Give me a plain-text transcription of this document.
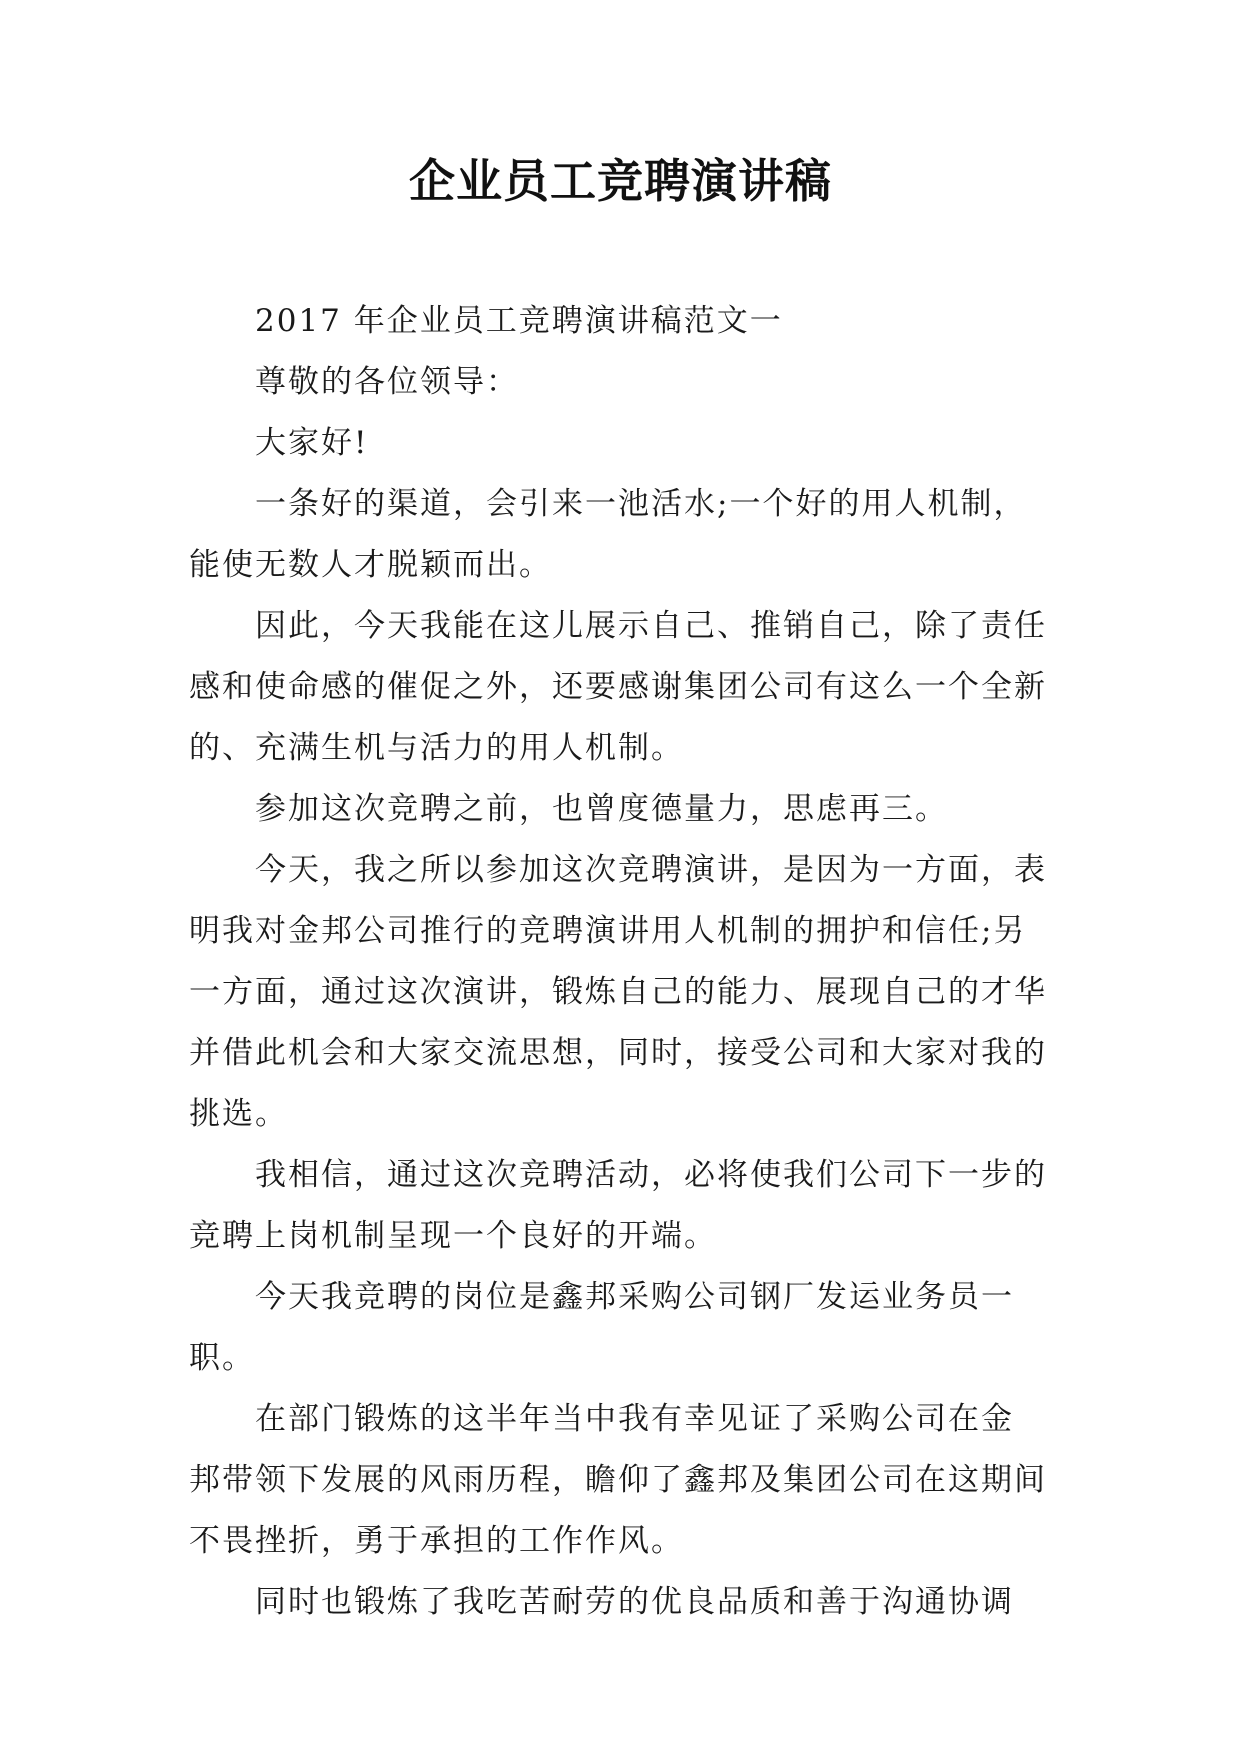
企业员工竞聘演讲稿
2017 年企业员工竞聘演讲稿范文一
尊敬的各位领导：
大家好!
一条好的渠道，会引来一池活水;一个好的用人机制，
能使无数人才脱颖而出。
因此，今天我能在这儿展示自己、推销自己，除了责任
感和使命感的催促之外，还要感谢集团公司有这么一个全新
的、充满生机与活力的用人机制。
参加这次竞聘之前，也曾度德量力，思虑再三。
今天，我之所以参加这次竞聘演讲，是因为一方面，表
明我对金邦公司推行的竞聘演讲用人机制的拥护和信任;另
一方面，通过这次演讲，锻炼自己的能力、展现自己的才华
并借此机会和大家交流思想，同时，接受公司和大家对我的
挑选。
我相信，通过这次竞聘活动，必将使我们公司下一步的
竞聘上岗机制呈现一个良好的开端。
今天我竞聘的岗位是鑫邦采购公司钢厂发运业务员一
职。
在部门锻炼的这半年当中我有幸见证了采购公司在金
邦带领下发展的风雨历程，瞻仰了鑫邦及集团公司在这期间
不畏挫折，勇于承担的工作作风。
同时也锻炼了我吃苦耐劳的优良品质和善于沟通协调
